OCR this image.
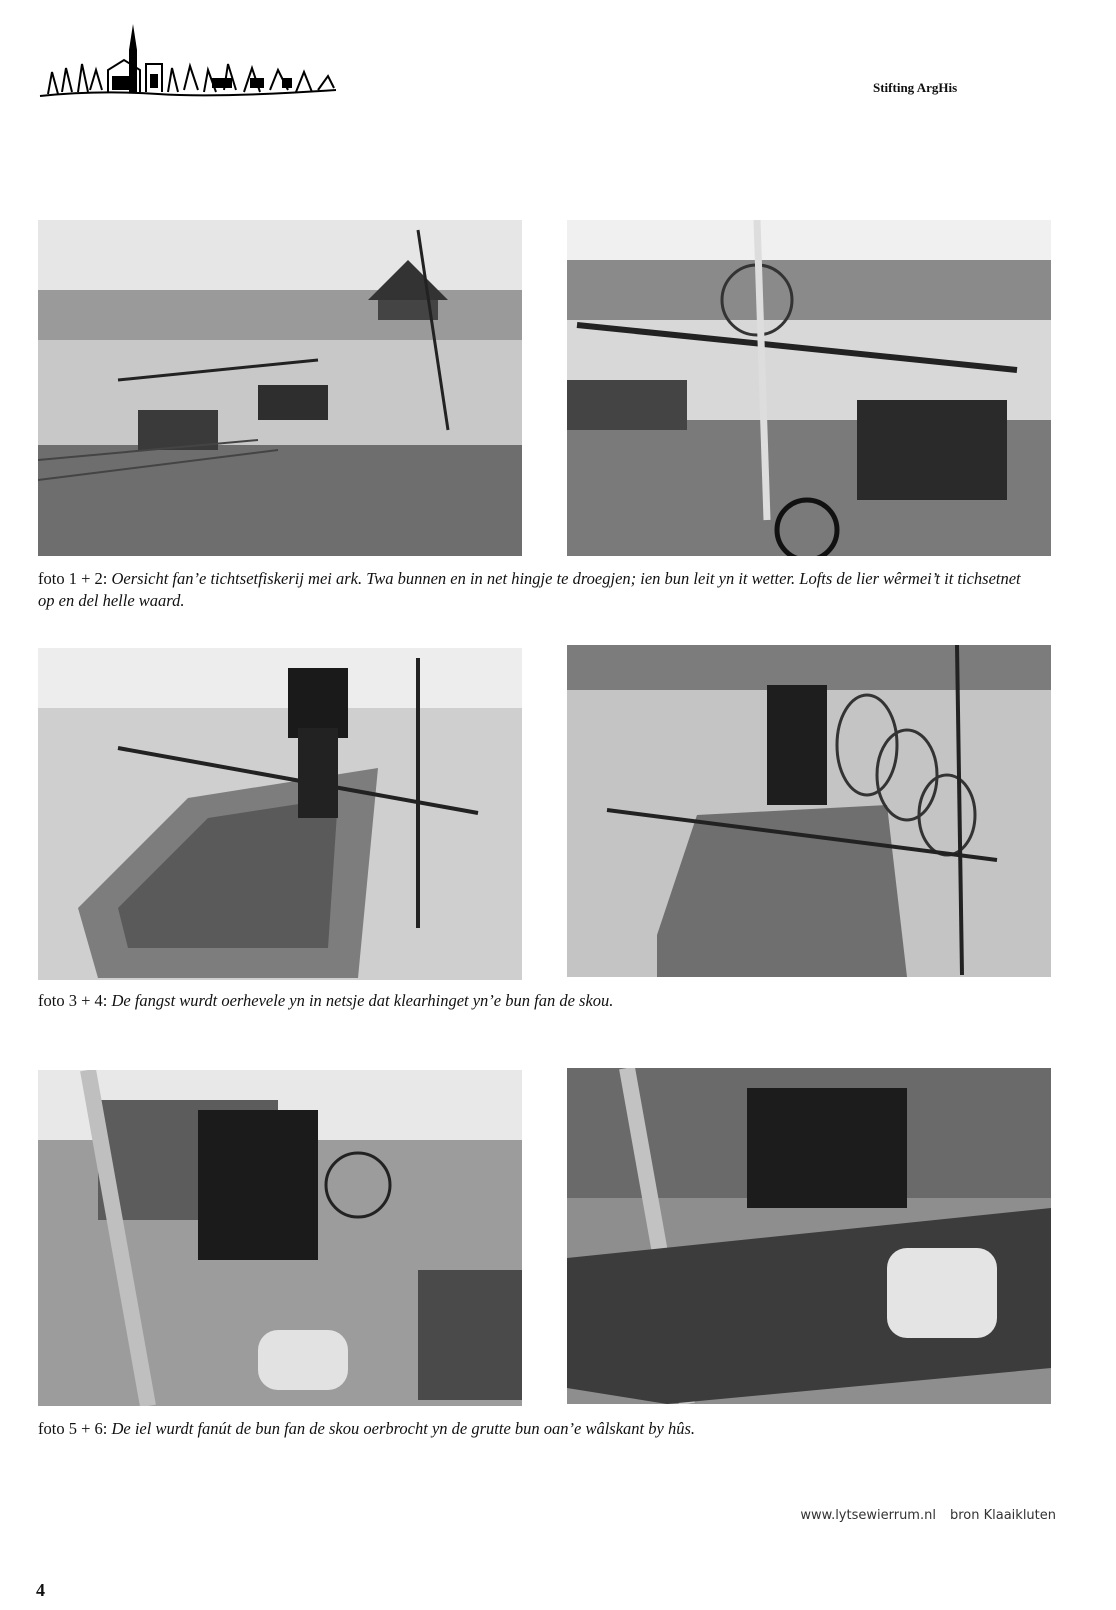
Stifting ArgHis
foto 1 + 2: Oersicht fan’e tichtsetfiskerij mei ark. Twa bunnen en in net hingje te droegjen; ien bun leit yn it wetter. Lofts de lier wêrmei’t it tichsetnet op en del helle waard.
foto 3 + 4: De fangst wurdt oerhevele yn in netsje dat klearhinget yn’e bun fan de skou.
foto 5 + 6: De iel wurdt fanút de bun fan de skou oerbrocht yn de grutte bun oan’e wâlskant by hûs.
www.lytsewierrum.nl bron Klaaikluten
4
